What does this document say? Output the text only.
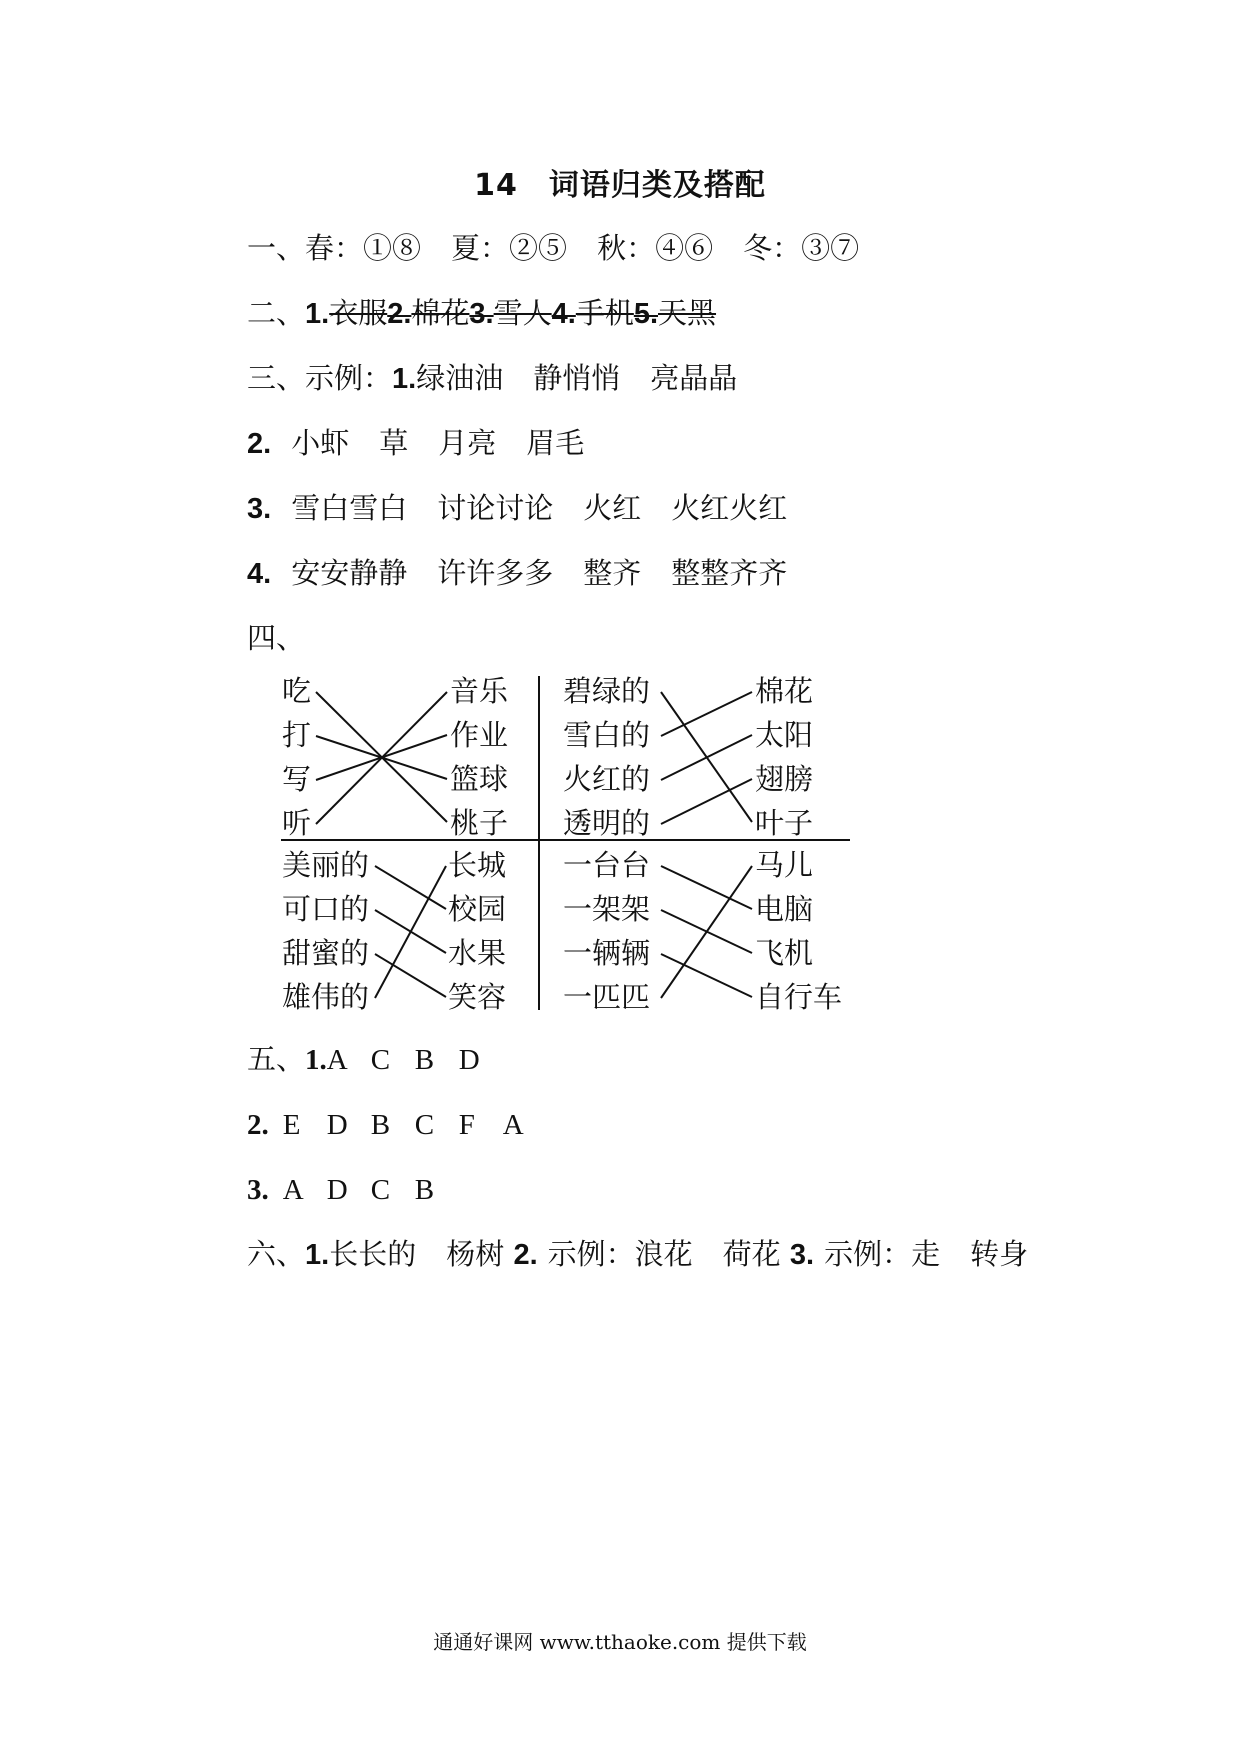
14　词语归类及搭配
一、春：①⑧ 夏：②⑤ 秋：④⑥ 冬：③⑦
二、1.衣服2.棉花3.雪人4.手机5.天黑
三、示例：1.绿油油 静悄悄 亮晶晶
2. 小虾 草 月亮 眉毛
3. 雪白雪白 讨论讨论 火红 火红火红
4. 安安静静 许许多多 整齐 整整齐齐
四、
吃
打
写
听
音乐
作业
篮球
桃子
碧绿的
雪白的
火红的
透明的
棉花
太阳
翅膀
叶子
美丽的
可口的
甜蜜的
雄伟的
长城
校园
水果
笑容
一台台
一架架
一辆辆
一匹匹
马儿
电脑
飞机
自行车
五、1.A C B D
2. E D B C F A
3. A D C B
六、1.长长的 杨树 2. 示例：浪花 荷花 3. 示例：走 转身
通通好课网 www.tthaoke.com 提供下载
